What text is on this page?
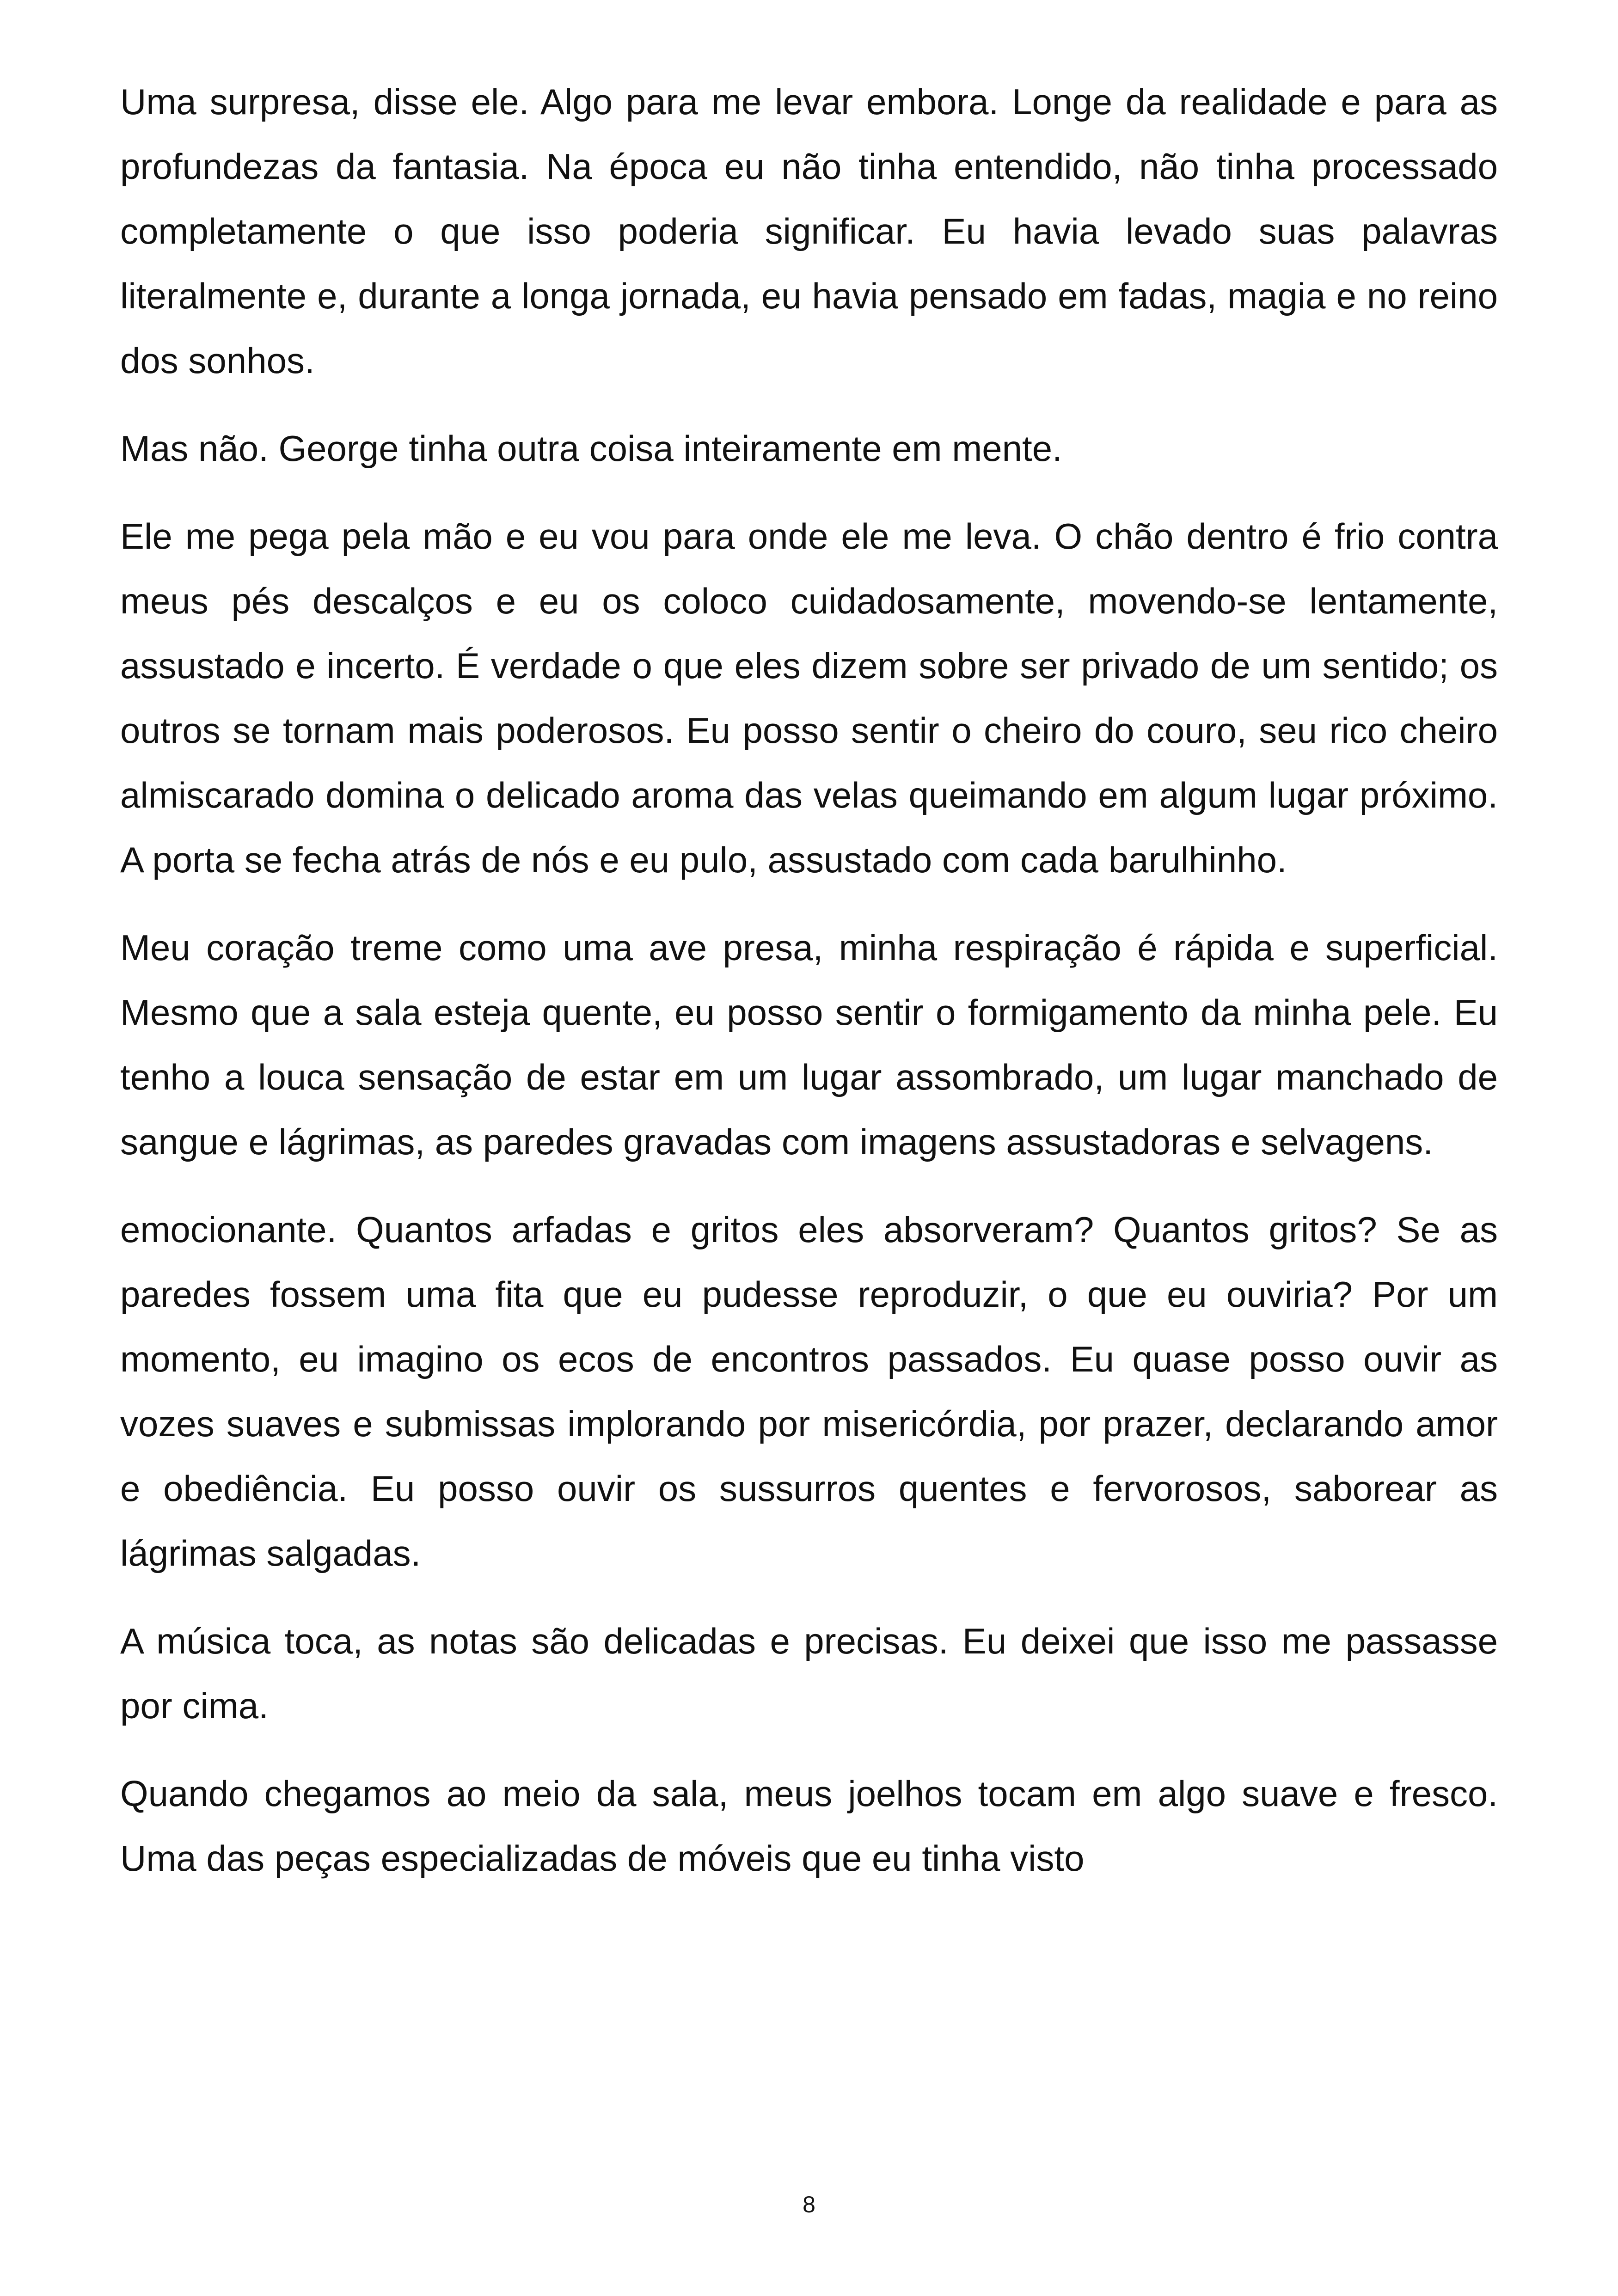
Uma surpresa, disse ele. Algo para me levar embora. Longe da realidade e para as profundezas da fantasia. Na época eu não tinha entendido, não tinha processado completamente o que isso poderia significar. Eu havia levado suas palavras literalmente e, durante a longa jornada, eu havia pensado em fadas, magia e no reino dos sonhos.

Mas não. George tinha outra coisa inteiramente em mente.

Ele me pega pela mão e eu vou para onde ele me leva. O chão dentro é frio contra meus pés descalços e eu os coloco cuidadosamente, movendo-se lentamente, assustado e incerto. É verdade o que eles dizem sobre ser privado de um sentido; os outros se tornam mais poderosos. Eu posso sentir o cheiro do couro, seu rico cheiro almiscarado domina o delicado aroma das velas queimando em algum lugar próximo. A porta se fecha atrás de nós e eu pulo, assustado com cada barulhinho.

Meu coração treme como uma ave presa, minha respiração é rápida e superficial. Mesmo que a sala esteja quente, eu posso sentir o formigamento da minha pele. Eu tenho a louca sensação de estar em um lugar assombrado, um lugar manchado de sangue e lágrimas, as paredes gravadas com imagens assustadoras e selvagens.

emocionante. Quantos arfadas e gritos eles absorveram? Quantos gritos? Se as paredes fossem uma fita que eu pudesse reproduzir, o que eu ouviria? Por um momento, eu imagino os ecos de encontros passados. Eu quase posso ouvir as vozes suaves e submissas implorando por misericórdia, por prazer, declarando amor e obediência. Eu posso ouvir os sussurros quentes e fervorosos, saborear as lágrimas salgadas.

A música toca, as notas são delicadas e precisas. Eu deixei que isso me passasse por cima.

Quando chegamos ao meio da sala, meus joelhos tocam em algo suave e fresco. Uma das peças especializadas de móveis que eu tinha visto

8
